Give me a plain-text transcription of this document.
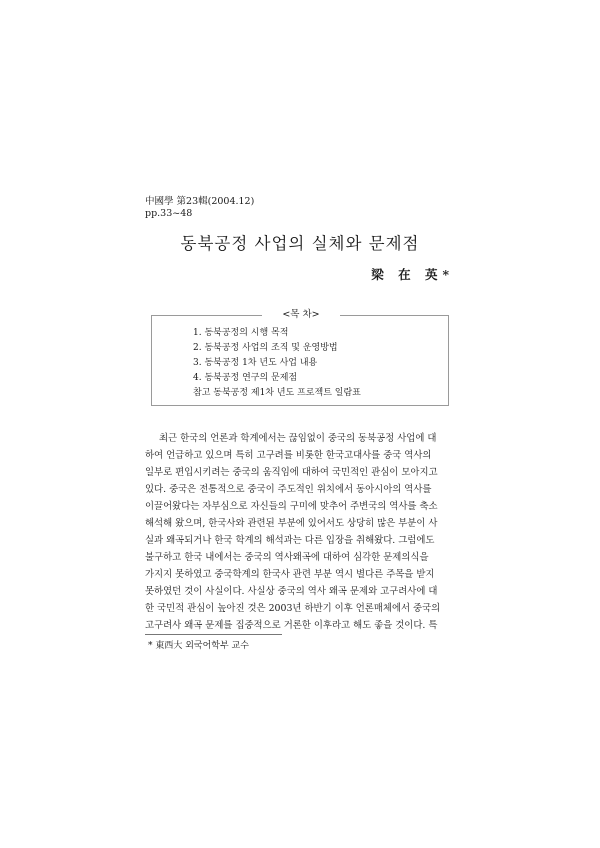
中國學 第23輯(2004.12)
pp.33~48
동북공정 사업의 실체와 문제점
梁 在 英*
<목 차>
1. 동북공정의 시행 목적
2. 동북공정 사업의 조직 및 운영방법
3. 동북공정 1차 년도 사업 내용
4. 동북공정 연구의 문제점
참고 동북공정 제1차 년도 프로젝트 일람표
최근 한국의 언론과 학계에서는 끊임없이 중국의 동북공정 사업에 대
하여 언급하고 있으며 특히 고구려를 비롯한 한국고대사를 중국 역사의
일부로 편입시키려는 중국의 움직임에 대하여 국민적인 관심이 모아지고
있다. 중국은 전통적으로 중국이 주도적인 위치에서 동아시아의 역사를
이끌어왔다는 자부심으로 자신들의 구미에 맞추어 주변국의 역사를 축소
해석해 왔으며, 한국사와 관련된 부분에 있어서도 상당히 많은 부분이 사
실과 왜곡되거나 한국 학계의 해석과는 다른 입장을 취해왔다. 그럼에도
불구하고 한국 내에서는 중국의 역사왜곡에 대하여 심각한 문제의식을
가지지 못하였고 중국학계의 한국사 관련 부분 역시 별다른 주목을 받지
못하였던 것이 사실이다. 사실상 중국의 역사 왜곡 문제와 고구려사에 대
한 국민적 관심이 높아진 것은 2003년 하반기 이후 언론매체에서 중국의
고구려사 왜곡 문제를 집중적으로 거론한 이후라고 해도 좋을 것이다. 특
* 東西大 외국어학부 교수
